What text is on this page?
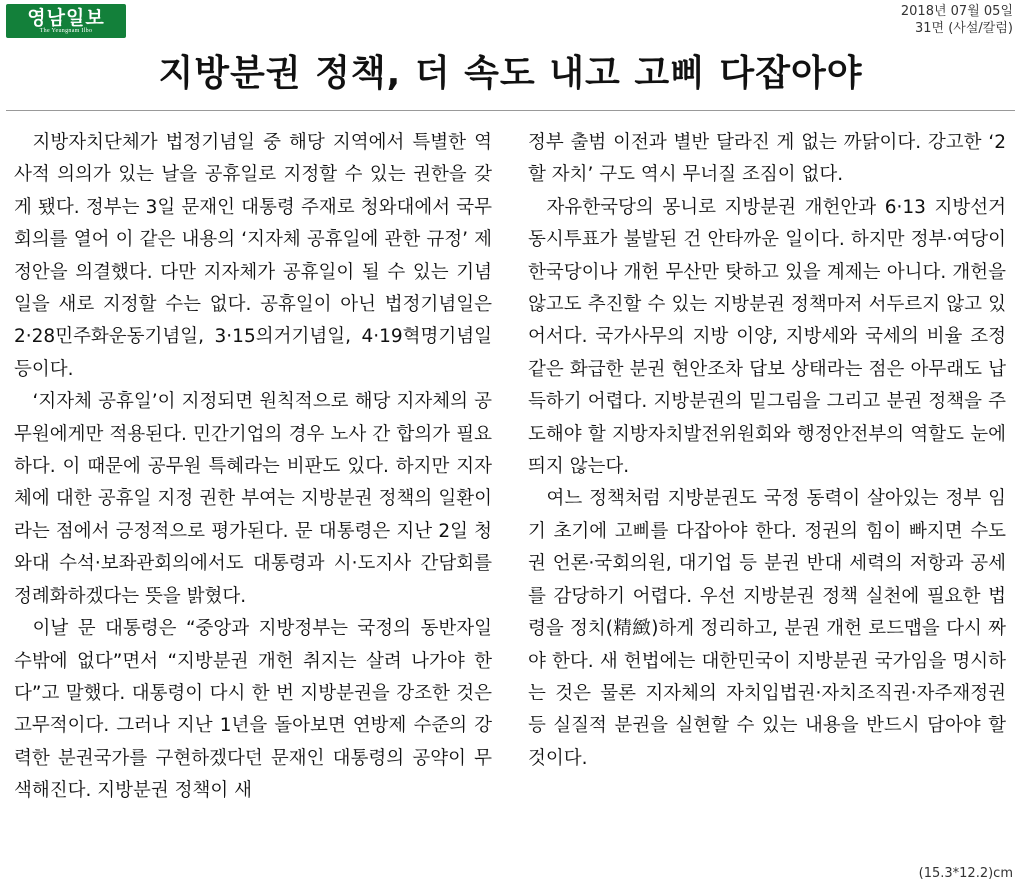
영남일보
The Yeungnam Ilbo
2018년 07월 05일
31면 (사설/칼럼)
지방분권 정책, 더 속도 내고 고삐 다잡아야

지방자치단체가 법정기념일 중 해당 지역에서 특별한 역사적 의의가 있는 날을 공휴일로 지정할 수 있는 권한을 갖게 됐다. 정부는 3일 문재인 대통령 주재로 청와대에서 국무회의를 열어 이 같은 내용의 ‘지자체 공휴일에 관한 규정’ 제정안을 의결했다. 다만 지자체가 공휴일이 될 수 있는 기념일을 새로 지정할 수는 없다. 공휴일이 아닌 법정기념일은 2·28민주화운동기념일, 3·15의거기념일, 4·19혁명기념일 등이다.

‘지자체 공휴일’이 지정되면 원칙적으로 해당 지자체의 공무원에게만 적용된다. 민간기업의 경우 노사 간 합의가 필요하다. 이 때문에 공무원 특혜라는 비판도 있다. 하지만 지자체에 대한 공휴일 지정 권한 부여는 지방분권 정책의 일환이라는 점에서 긍정적으로 평가된다. 문 대통령은 지난 2일 청와대 수석·보좌관회의에서도 대통령과 시·도지사 간담회를 정례화하겠다는 뜻을 밝혔다.

이날 문 대통령은 “중앙과 지방정부는 국정의 동반자일 수밖에 없다”면서 “지방분권 개헌 취지는 살려 나가야 한다”고 말했다. 대통령이 다시 한 번 지방분권을 강조한 것은 고무적이다. 그러나 지난 1년을 돌아보면 연방제 수준의 강력한 분권국가를 구현하겠다던 문재인 대통령의 공약이 무색해진다. 지방분권 정책이 새

정부 출범 이전과 별반 달라진 게 없는 까닭이다. 강고한 ‘2할 자치’ 구도 역시 무너질 조짐이 없다.

자유한국당의 몽니로 지방분권 개헌안과 6·13 지방선거 동시투표가 불발된 건 안타까운 일이다. 하지만 정부·여당이 한국당이나 개헌 무산만 탓하고 있을 계제는 아니다. 개헌을 않고도 추진할 수 있는 지방분권 정책마저 서두르지 않고 있어서다. 국가사무의 지방 이양, 지방세와 국세의 비율 조정 같은 화급한 분권 현안조차 답보 상태라는 점은 아무래도 납득하기 어렵다. 지방분권의 밑그림을 그리고 분권 정책을 주도해야 할 지방자치발전위원회와 행정안전부의 역할도 눈에 띄지 않는다.

여느 정책처럼 지방분권도 국정 동력이 살아있는 정부 임기 초기에 고삐를 다잡아야 한다. 정권의 힘이 빠지면 수도권 언론·국회의원, 대기업 등 분권 반대 세력의 저항과 공세를 감당하기 어렵다. 우선 지방분권 정책 실천에 필요한 법령을 정치(精緻)하게 정리하고, 분권 개헌 로드맵을 다시 짜야 한다. 새 헌법에는 대한민국이 지방분권 국가임을 명시하는 것은 물론 지자체의 자치입법권·자치조직권·자주재정권 등 실질적 분권을 실현할 수 있는 내용을 반드시 담아야 할 것이다.

(15.3*12.2)cm
